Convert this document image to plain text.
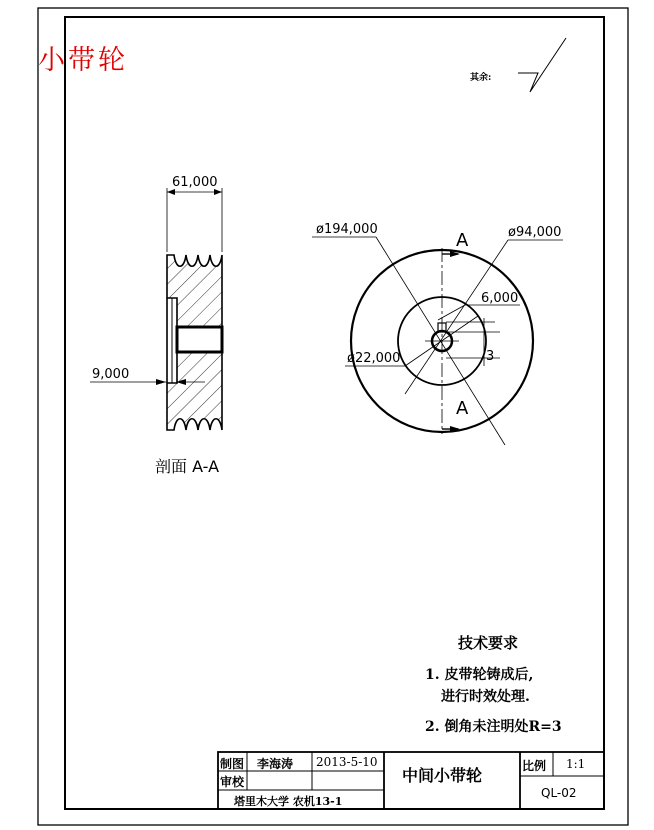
61,000
9,000
剖面 A-A
ø194,000	ø94,000
ø22,000
6,000
3
A
A
小带轮
其余:
技术要求
1. 皮带轮铸成后,
进行时效处理.
2. 倒角未注明处R=3
制图 李海涛 2013-5-10
中间小带轮	比例 1:1
审校
塔里木大学 农机13-1
QL-02
